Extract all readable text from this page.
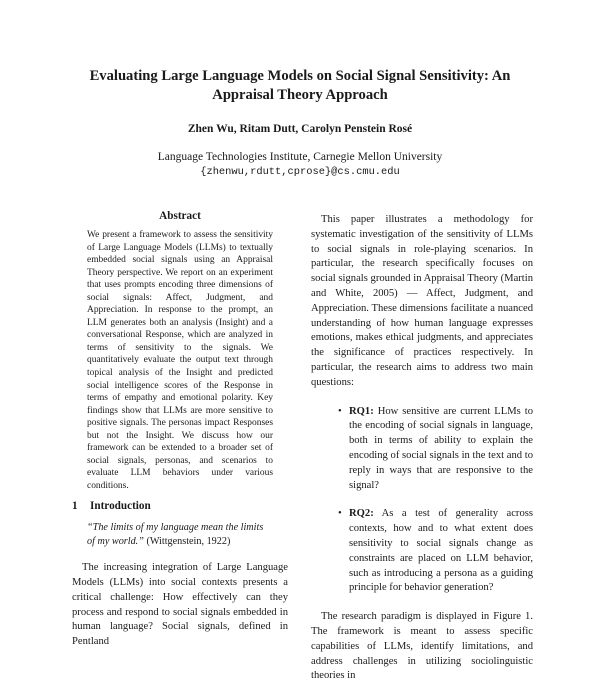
Evaluating Large Language Models on Social Signal Sensitivity: An Appraisal Theory Approach
Zhen Wu, Ritam Dutt, Carolyn Penstein Rosé
Language Technologies Institute, Carnegie Mellon University
{zhenwu,rdutt,cprose}@cs.cmu.edu
Abstract
We present a framework to assess the sensitivity of Large Language Models (LLMs) to textually embedded social signals using an Appraisal Theory perspective. We report on an experiment that uses prompts encoding three dimensions of social signals: Affect, Judgment, and Appreciation. In response to the prompt, an LLM generates both an analysis (Insight) and a conversational Response, which are analyzed in terms of sensitivity to the signals. We quantitatively evaluate the output text through topical analysis of the Insight and predicted social intelligence scores of the Response in terms of empathy and emotional polarity. Key findings show that LLMs are more sensitive to positive signals. The personas impact Responses but not the Insight. We discuss how our framework can be extended to a broader set of social signals, personas, and scenarios to evaluate LLM behaviors under various conditions.
1 Introduction
“The limits of my language mean the limits of my world.” (Wittgenstein, 1922)

The increasing integration of Large Language Models (LLMs) into social contexts presents a critical challenge: How effectively can they process and respond to social signals embedded in human language? Social signals, defined in Pentland

This paper illustrates a methodology for systematic investigation of the sensitivity of LLMs to social signals in role-playing scenarios. In particular, the research specifically focuses on social signals grounded in Appraisal Theory (Martin and White, 2005) — Affect, Judgment, and Appreciation. These dimensions facilitate a nuanced understanding of how human language expresses emotions, makes ethical judgments, and appreciates the significance of practices respectively. In particular, the research aims to address two main questions:

• RQ1: How sensitive are current LLMs to the encoding of social signals in language, both in terms of ability to explain the encoding of social signals in the text and to reply in ways that are responsive to the signal?
• RQ2: As a test of generality across contexts, how and to what extent does sensitivity to social signals change as constraints are placed on LLM behavior, such as introducing a persona as a guiding principle for behavior generation?

The research paradigm is displayed in Figure 1. The framework is meant to assess specific capabilities of LLMs, identify limitations, and address challenges in utilizing sociolinguistic theories in
